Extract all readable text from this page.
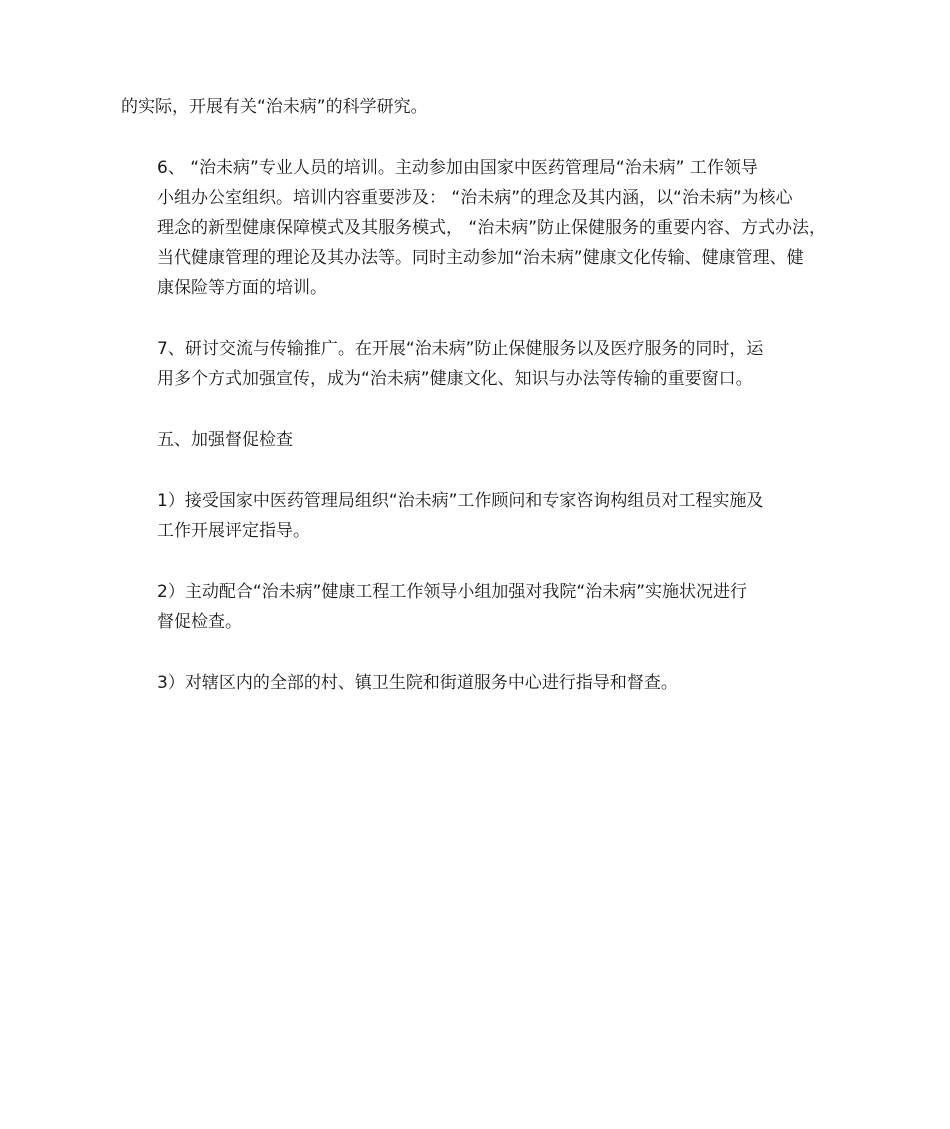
的实际，开展有关“治未病”的科学研究。

6、 “治未病”专业人员的培训。主动参加由国家中医药管理局“治未病” 工作领导
小组办公室组织。培训内容重要涉及： “治未病”的理念及其内涵，以“治未病”为核心
理念的新型健康保障模式及其服务模式， “治未病”防止保健服务的重要内容、方式办法，
当代健康管理的理论及其办法等。同时主动参加“治未病”健康文化传输、健康管理、健
康保险等方面的培训。

7、研讨交流与传输推广。在开展“治未病”防止保健服务以及医疗服务的同时，运
用多个方式加强宣传，成为“治未病”健康文化、知识与办法等传输的重要窗口。

五、加强督促检查

1）接受国家中医药管理局组织“治未病”工作顾问和专家咨询构组员对工程实施及
工作开展评定指导。

2）主动配合“治未病”健康工程工作领导小组加强对我院“治未病”实施状况进行
督促检查。

3）对辖区内的全部的村、镇卫生院和街道服务中心进行指导和督查。
